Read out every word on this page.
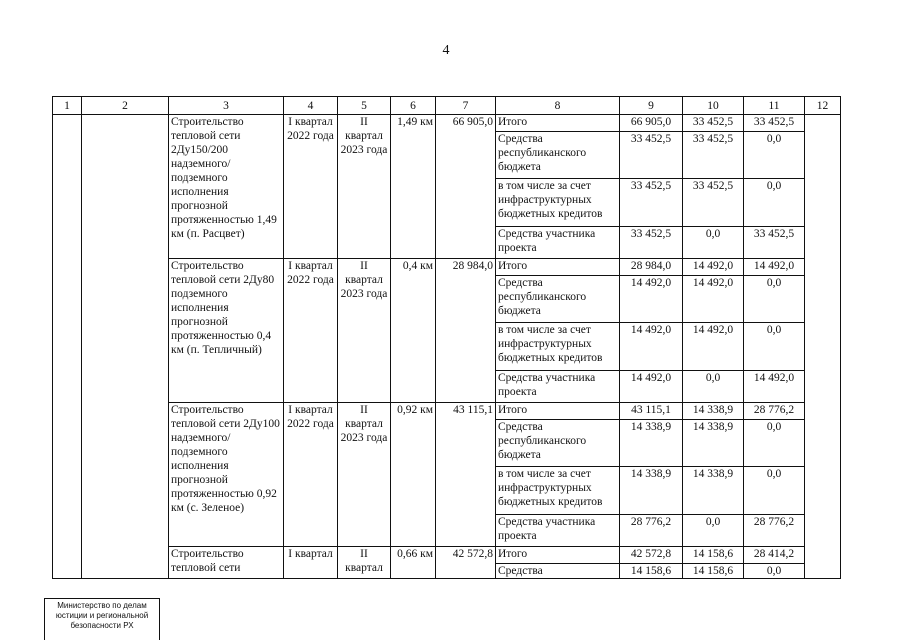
4
1	2	3	4	5	6	7	8	9	10	11	12
		Строительство тепловой сети 2Ду150/200 надземного/ подземного исполнения прогнозной протяженностью 1,49 км (п. Расцвет)	I квартал 2022 года	II квартал 2023 года	1,49 км	66 905,0	Итого	66 905,0	33 452,5	33 452,5	
							Средства республиканского бюджета	33 452,5	33 452,5	0,0	
							в том числе за счет инфраструктурных бюджетных кредитов	33 452,5	33 452,5	0,0	
							Средства участника проекта	33 452,5	0,0	33 452,5	
		Строительство тепловой сети 2Ду80 подземного исполнения прогнозной протяженностью 0,4 км (п. Тепличный)	I квартал 2022 года	II квартал 2023 года	0,4 км	28 984,0	Итого	28 984,0	14 492,0	14 492,0	
							Средства республиканского бюджета	14 492,0	14 492,0	0,0	
							в том числе за счет инфраструктурных бюджетных кредитов	14 492,0	14 492,0	0,0	
							Средства участника проекта	14 492,0	0,0	14 492,0	
		Строительство тепловой сети 2Ду100 надземного/ подземного исполнения прогнозной протяженностью 0,92 км (с. Зеленое)	I квартал 2022 года	II квартал 2023 года	0,92 км	43 115,1	Итого	43 115,1	14 338,9	28 776,2	
							Средства республиканского бюджета	14 338,9	14 338,9	0,0	
							в том числе за счет инфраструктурных бюджетных кредитов	14 338,9	14 338,9	0,0	
							Средства участника проекта	28 776,2	0,0	28 776,2	
		Строительство тепловой сети	I квартал	II квартал	0,66 км	42 572,8	Итого	42 572,8	14 158,6	28 414,2	
							Средства	14 158,6	14 158,6	0,0	
Министерство по делам юстиции и региональной безопасности РХ
